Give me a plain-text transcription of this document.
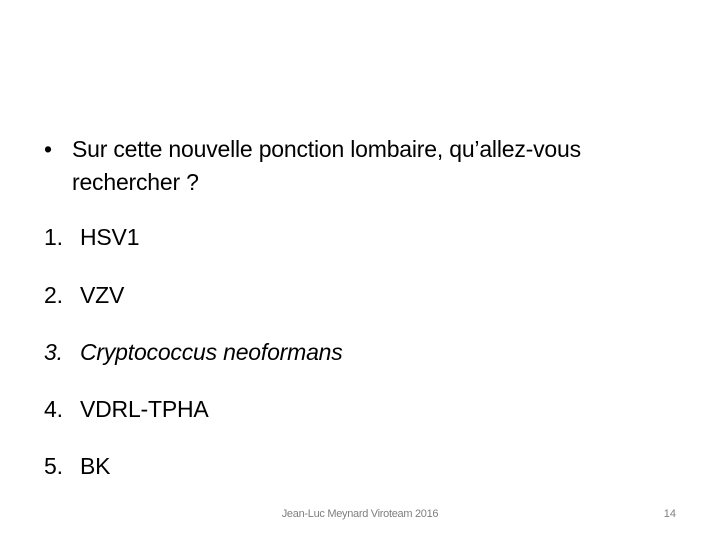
• Sur cette nouvelle ponction lombaire, qu’allez-vous rechercher ?
1. HSV1
2. VZV
3. Cryptococcus neoformans
4. VDRL-TPHA
5. BK
Jean-Luc Meynard Viroteam 2016	14
